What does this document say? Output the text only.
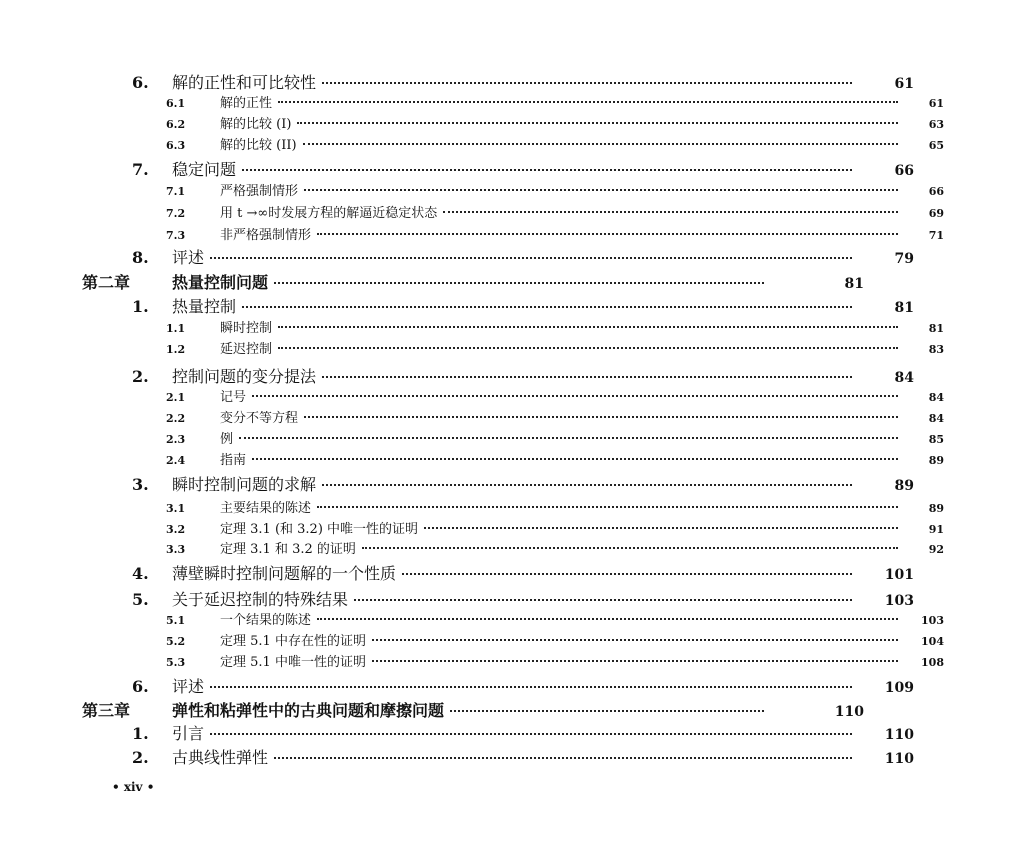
6.	解的正性和可比较性	61
6.1	解的正性	61
6.2	解的比较 (I)	63
6.3	解的比较 (II)	65
7.	稳定问题	66
7.1	严格强制情形	66
7.2	用 t →∞时发展方程的解逼近稳定状态	69
7.3	非严格强制情形	71
8.	评述	79
第二章	热量控制问题	81
1.	热量控制	81
1.1	瞬时控制	81
1.2	延迟控制	83
2.	控制问题的变分提法	84
2.1	记号	84
2.2	变分不等方程	84
2.3	例	85
2.4	指南	89
3.	瞬时控制问题的求解	89
3.1	主要结果的陈述	89
3.2	定理 3.1 (和 3.2) 中唯一性的证明	91
3.3	定理 3.1 和 3.2 的证明	92
4.	薄壁瞬时控制问题解的一个性质	101
5.	关于延迟控制的特殊结果	103
5.1	一个结果的陈述	103
5.2	定理 5.1 中存在性的证明	104
5.3	定理 5.1 中唯一性的证明	108
6.	评述	109
第三章	弹性和粘弹性中的古典问题和摩擦问题	110
1.	引言	110
2.	古典线性弹性	110
• xiv •
